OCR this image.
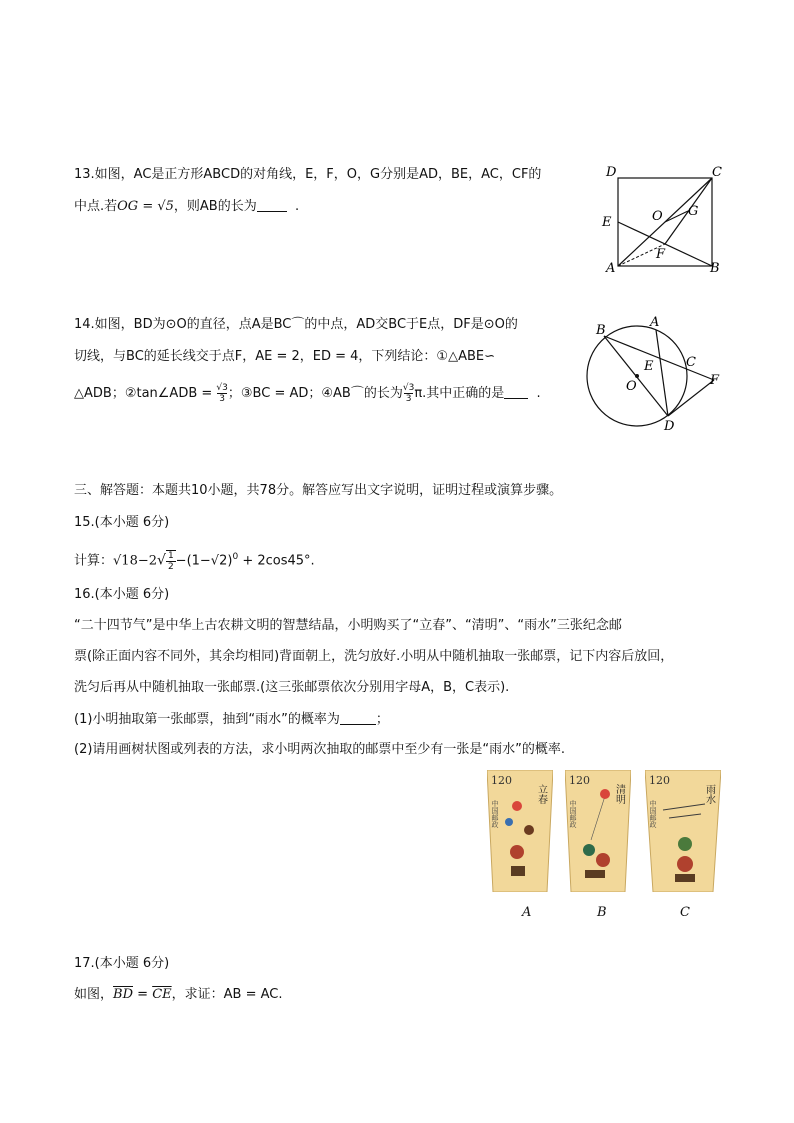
13.如图，AC是正方形ABCD的对角线，E，F，O，G分别是AD，BE，AC，CF的
中点.若OG = √5，则AB的长为	.
D	C
E	O G
F
A	B
14.如图，BD为⊙O的直径，点A是BC⌒的中点，AD交BC于E点，DF是⊙O的
切线，与BC的延长线交于点F，AE = 2，ED = 4，下列结论：①△ABE∽
△ADB；②tan∠ADB = $\frac{√3}{3}$；③BC = AD；④AB⌒的长为$\frac{√3}{3}\pi$.其中正确的是 .
B
A
C
E
O	F
D
三、解答题：本题共10小题，共78分。解答应写出文字说明，证明过程或演算步骤。
15.(本小题 6分)
计算：$√18-2√\frac{1}{2}-(1-√2)^0 + 2\cos 45^\circ$.
16.(本小题 6分)
“二十四节气”是中华上古农耕文明的智慧结晶，小明购买了“立春”、“清明”、“雨水”三张纪念邮
票(除正面内容不同外，其余均相同)背面朝上，洗匀放好.小明从中随机抽取一张邮票，记下内容后放回，
洗匀后再从中随机抽取一张邮票.(这三张邮票依次分别用字母A，B，C表示).
(1)小明抽取第一张邮票，抽到“雨水”的概率为	；
(2)请用画树状图或列表的方法，求小明两次抽取的邮票中至少有一张是“雨水”的概率.
120
立春
中国邮政
120
清明
中国邮政
120
雨水
中国邮政
A	B	C
17.(本小题 6分)
如图，$\overline{BD} = \overline{CE}$，求证：AB = AC.
